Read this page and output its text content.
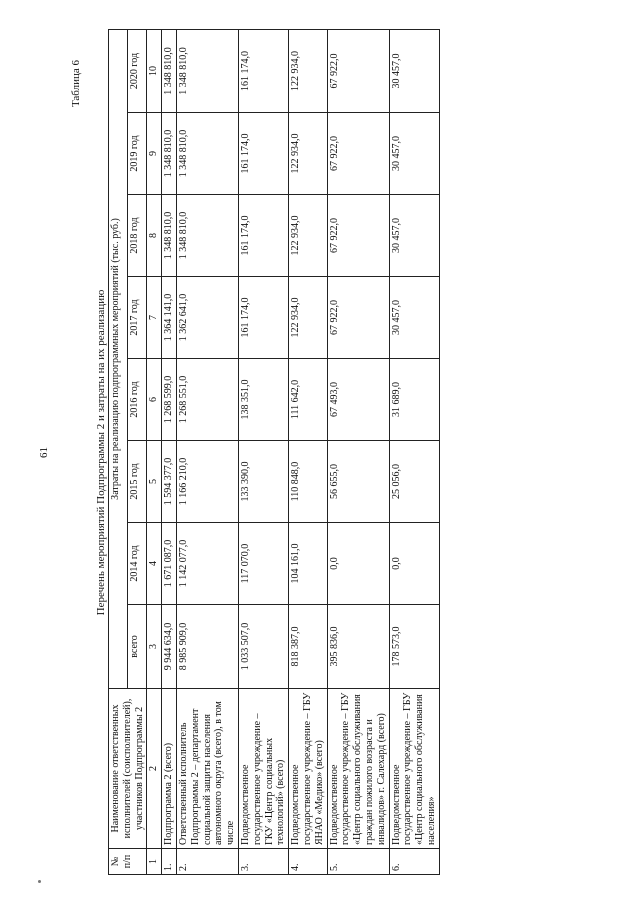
61
Таблица 6
Перечень мероприятий Подпрограммы 2 и затраты на их реализацию
№ п/п	Наименование ответственных исполнителей (соисполнителей), участников Подпрограммы 2	Затраты на реализацию подпрограммных мероприятий (тыс. руб.)							
		всего	2014 год	2015 год	2016 год	2017 год	2018 год	2019 год	2020 год
1	2	3	4	5	6	7	8	9	10
1.	Подпрограмма 2 (всего)	9 944 634,0	1 671 087,0	1 594 377,0	1 268 599,0	1 364 141,0	1 348 810,0	1 348 810,0	1 348 810,0
2.	Ответственный исполнитель Подпрограммы 2 – департамент социальной защиты населения автономного округа (всего), в том числе	8 985 909,0	1 142 077,0	1 166 210,0	1 268 551,0	1 362 641,0	1 348 810,0	1 348 810,0	1 348 810,0
3.	Подведомственное государственное учреждение – ГКУ «Центр социальных технологий» (всего)	1 033 507,0	117 070,0	133 390,0	138 351,0	161 174,0	161 174,0	161 174,0	161 174,0
4.	Подведомственное государственное учреждение – ГБУ ЯНАО «Медико» (всего)	818 387,0	104 161,0	110 848,0	111 642,0	122 934,0	122 934,0	122 934,0	122 934,0
5.	Подведомственное государственное учреждение – ГБУ «Центр социального обслуживания граждан пожилого возраста и инвалидов» г. Салехард (всего)	395 836,0	0,0	56 655,0	67 493,0	67 922,0	67 922,0	67 922,0	67 922,0
6.	Подведомственное государственное учреждение – ГБУ «Центр социального обслуживания населения»	178 573,0	0,0	25 056,0	31 689,0	30 457,0	30 457,0	30 457,0	30 457,0
